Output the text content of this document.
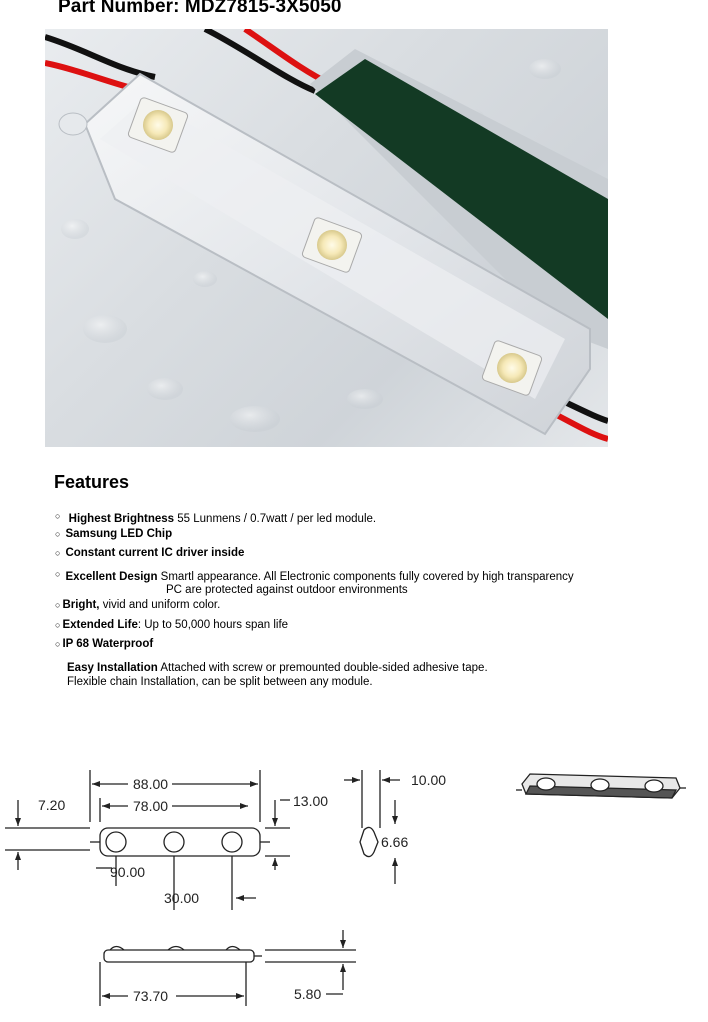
Part Number: MDZ7815-3X5050
Features
○ Highest Brightness 55 Lunmens / 0.7watt / per led module.
○ Samsung LED Chip
○ Constant current IC driver inside
○ Excellent Design Smartl appearance. All Electronic components fully covered by high transparency
PC are protected against outdoor environments
○ Bright, vivid and uniform color.
○ Extended Life: Up to 50,000 hours span life
○ IP 68 Waterproof
Easy Installation Attached with screw or premounted double-sided adhesive tape.
Flexible chain Installation, can be split between any module.
88.00
78.00
7.20	13.00
90.00
30.00
10.00
6.66
73.70	5.80
